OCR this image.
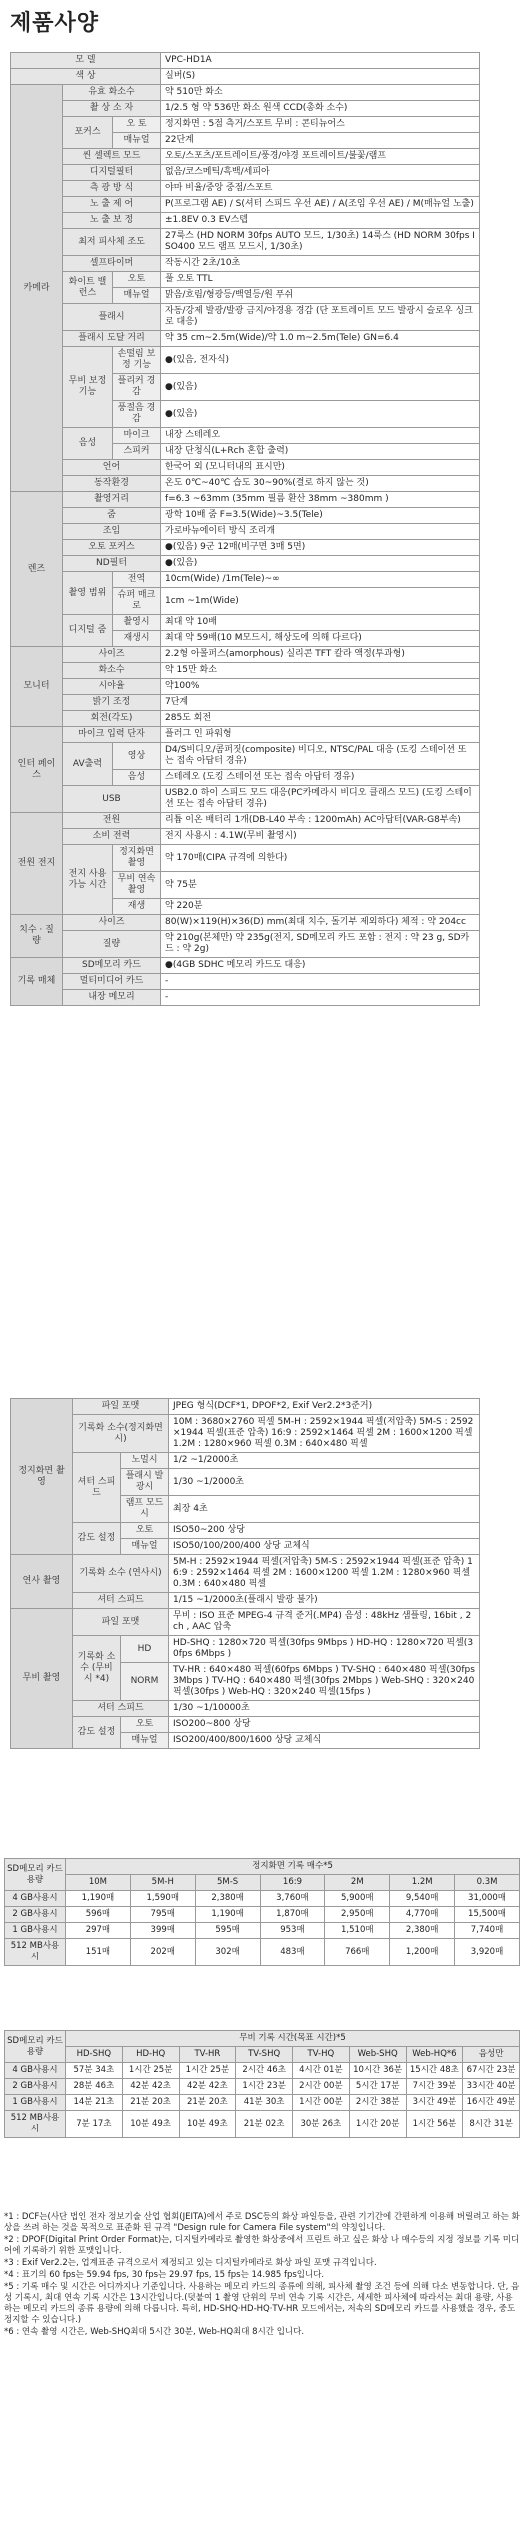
제품사양
모 델			VPC-HD1A
색 상			실버(S)
카메라	유효 화소수		약 510만 화소
	촬 상 소 자		1/2.5 형 약 536만 화소 원색 CCD(총화 소수)
	포커스	오 토	정지화면 : 5점 측거/스포트 무비 : 콘티뉴어스
		매뉴얼	22단계
	씬 셀렉트 모드		오토/스포츠/포트레이트/풍경/야경 포트레이트/불꽃/램프
	디지털필터		없음/코스메틱/흑백/세피아
	측 광 방 식		야마 비율/중앙 중점/스포트
	노 출 제 어		P(프로그램 AE) / S(셔터 스피드 우선 AE) / A(조임 우선 AE) / M(매뉴얼 노출)
	노 출 보 정		±1.8EV 0.3 EV스텝
	최저 피사체 조도		27룩스 (HD NORM 30fps AUTO 모드, 1/30초) 14룩스 (HD NORM 30fps ISO400 모드 램프 모드시, 1/30초)
	셀프타이머		작동시간 2초/10초
	화이트 밸런스	오토	풀 오토 TTL
		매뉴얼	맑음/흐림/형광등/백열등/원 푸쉬
	플래시		자동/강제 발광/발광 금지/야경용 경감 (단 포트레이트 모드 발광시 슬로우 싱크로 대응)
	플래시 도달 거리		약 35 cm~2.5m(Wide)/약 1.0 m~2.5m(Tele) GN=6.4
	무비 보정 기능	손떨림 보정 기능	●(있음, 전자식)
		플리커 경감	●(있음)
		풍절음 경감	●(있음)
	음성	마이크	내장 스테레오
		스피커	내장 단청식(L+Rch 혼합 출력)
	언어		한국어 외 (모니터내의 표시만)
	동작환경		온도 0℃~40℃ 습도 30~90%(결로 하지 않는 것)
렌즈	촬영거리		f=6.3 ~63mm (35mm 필름 환산 38mm ~380mm )
	줌		광학 10배 줌 F=3.5(Wide)~3.5(Tele)
	조임		가로바뉴에이터 방식 조리개
	오토 포커스		●(있음) 9군 12매(비구면 3매 5면)
	ND필터		●(있음)
	촬영 범위	전역	10cm(Wide) /1m(Tele)~∞
		슈퍼 매크로	1cm ~1m(Wide)
	디지털 줌	촬영시	최대 약 10배
		재생시	최대 약 59배(10 M모드시, 해상도에 의해 다르다)
모니터	사이즈		2.2형 아몰퍼스(amorphous) 실리콘 TFT 칼라 액정(투과형)
	화소수		약 15만 화소
	시야율		약100%
	밝기 조정		7단계
	회전(각도)		285도 회전
인터 페이스	마이크 입력 단자		플러그 인 파워형
	AV출력	영상	D4/S비디오/콤퍼짓(composite) 비디오, NTSC/PAL 대응 (도킹 스테이션 또는 접속 아답터 경유)
		음성	스테레오 (도킹 스테이션 또는 접속 아답터 경유)
	USB		USB2.0 하이 스피드 모드 대응(PC카메라시 비디오 클래스 모드) (도킹 스테이션 또는 접속 아답터 경유)
전원 전지	전원		리튬 이온 배터리 1개(DB-L40 부속 : 1200mAh) AC아답터(VAR-G8부속)
	소비 전력		전지 사용시 : 4.1W(무비 촬영시)
	전지 사용 가능 시간	정지화면 촬영	약 170매(CIPA 규격에 의한다)
		무비 연속 촬영	약 75분
		재생	약 220분
치수 · 질량	사이즈		80(W)×119(H)×36(D) mm(최대 치수, 돌기부 제외하다) 체적 : 약 204cc
	질량		약 210g(본체만) 약 235g(전지, SD메모리 카드 포함 : 전지 : 약 23 g, SD카드 : 약 2g)
기록 매체	SD메모리 카드		●(4GB SDHC 메모리 카드도 대응)
	멀티미디어 카드		-
	내장 메모리		-
정지화면 촬영	파일 포맷		JPEG 형식(DCF*1, DPOF*2, Exif Ver2.2*3준거)
	기록화 소수(정지화면시)		10M : 3680×2760 픽셀 5M-H : 2592×1944 픽셀(저압축) 5M-S : 2592×1944 픽셀(표준 압축) 16:9 : 2592×1464 픽셀 2M : 1600×1200 픽셀 1.2M : 1280×960 픽셀 0.3M : 640×480 픽셀
	셔터 스피드	노멀시	1/2 ~1/2000초
		플래시 발광시	1/30 ~1/2000초
		램프 모드시	최장 4초
	감도 설정	오토	ISO50~200 상당
		매뉴얼	ISO50/100/200/400 상당 교체식
연사 촬영	기록화 소수 (연사시)		5M-H : 2592×1944 픽셀(저압축) 5M-S : 2592×1944 픽셀(표준 압축) 16:9 : 2592×1464 픽셀 2M : 1600×1200 픽셀 1.2M : 1280×960 픽셀 0.3M : 640×480 픽셀
	셔터 스피드		1/15 ~1/2000초(플래시 발광 불가)
무비 촬영	파일 포맷		무비 : ISO 표준 MPEG-4 규격 준거(.MP4) 음성 : 48kHz 샘플링, 16bit , 2ch , AAC 압축
	기록화 소수 (무비시 *4)	HD	HD-SHQ : 1280×720 픽셀(30fps 9Mbps ) HD-HQ : 1280×720 픽셀(30fps 6Mbps )
		NORM	TV-HR : 640×480 픽셀(60fps 6Mbps ) TV-SHQ : 640×480 픽셀(30fps 3Mbps ) TV-HQ : 640×480 픽셀(30fps 2Mbps ) Web-SHQ : 320×240 픽셀(30fps ) Web-HQ : 320×240 픽셀(15fps )
	셔터 스피드		1/30 ~1/10000초
	감도 설정	오토	ISO200~800 상당
		매뉴얼	ISO200/400/800/1600 상당 교체식
SD메모리 카드 용량	정지화면 기록 매수*5						
	10M	5M-H	5M-S	16:9	2M	1.2M	0.3M
4 GB사용시	1,190매	1,590매	2,380매	3,760매	5,900매	9,540매	31,000매
2 GB사용시	596매	795매	1,190매	1,870매	2,950매	4,770매	15,500매
1 GB사용시	297매	399매	595매	953매	1,510매	2,380매	7,740매
512 MB사용시	151매	202매	302매	483매	766매	1,200매	3,920매
SD메모리 카드 용량	무비 기록 시간(목표 시간)*5							
	HD-SHQ	HD-HQ	TV-HR	TV-SHQ	TV-HQ	Web-SHQ	Web-HQ*6	음성만
4 GB사용시	57분 34초	1시간 25분	1시간 25분	2시간 46초	4시간 01분	10시간 36분	15시간 48초	67시간 23분
2 GB사용시	28분 46초	42분 42초	42분 42초	1시간 23분	2시간 00분	5시간 17분	7시간 39분	33시간 40분
1 GB사용시	14분 21초	21분 20초	21분 20초	41분 30초	1시간 00분	2시간 38분	3시간 49분	16시간 49분
512 MB사용시	7분 17초	10분 49초	10분 49초	21분 02초	30분 26초	1시간 20분	1시간 56분	8시간 31분

*1 : DCF는(사단 법인 전자 정보기술 산업 협회(JEITA)에서 주로 DSC등의 화상 파일등을, 관련 기기간에 간편하게 이용해 버릴려고 하는 화상을 쓰려 하는 것을 목적으로 표준화 된 규격 "Design rule for Camera File system"의 약칭입니다.

*2 : DPOF(Digital Print Order Format)는, 디지털카메라로 촬영한 화상중에서 프린트 하고 싶은 화상 나 매수등의 지정 정보를 기록 미디어에 기록하기 위한 포맷입니다.

*3 : Exif Ver2.2는, 업계표준 규격으로서 제정되고 있는 디지털카메라로 화상 파일 포맷 규격입니다.

*4 : 표기의 60 fps는 59.94 fps, 30 fps는 29.97 fps, 15 fps는 14.985 fps입니다.

*5 : 기록 매수 및 시간은 어디까지나 기준입니다. 사용하는 메모리 카드의 종류에 의해, 피사체 촬영 조건 등에 의해 다소 변동합니다. 단, 음성 기록시, 최대 연속 기록 시간은 13시간입니다.(덧붙여 1 촬영 단위의 무비 연속 기록 시간은, 세세한 피사체에 따라서는 최대 용량, 사용하는 메모리 카드의 종류 용량에 의해 다릅니다. 특히, HD-SHQ·HD-HQ·TV-HR 모드에서는, 저속의 SD메모리 카드를 사용했을 경우, 중도 정지할 수 있습니다.)

*6 : 연속 촬영 시간은, Web-SHQ최대 5시간 30분, Web-HQ최대 8시간 입니다.
